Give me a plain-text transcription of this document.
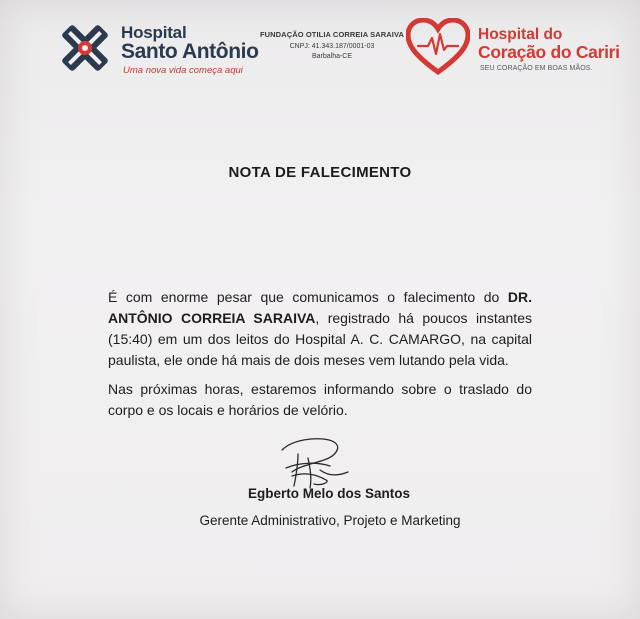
Hospital
Santo Antônio
Uma nova vida começa aqui
FUNDAÇÃO OTILIA CORREIA SARAIVA
CNPJ: 41.343.187/0001-03
Barbalha-CE
Hospital do
Coração do Cariri
SEU CORAÇÃO EM BOAS MÃOS.
NOTA DE FALECIMENTO

É com enorme pesar que comunicamos o falecimento do DR. ANTÔNIO CORREIA SARAIVA, registrado há poucos instantes (15:40) em um dos leitos do Hospital A. C. CAMARGO, na capital paulista, ele onde há mais de dois meses vem lutando pela vida.

Nas próximas horas, estaremos informando sobre o traslado do corpo e os locais e horários de velório.

Egberto Melo dos Santos
Gerente Administrativo, Projeto e Marketing
